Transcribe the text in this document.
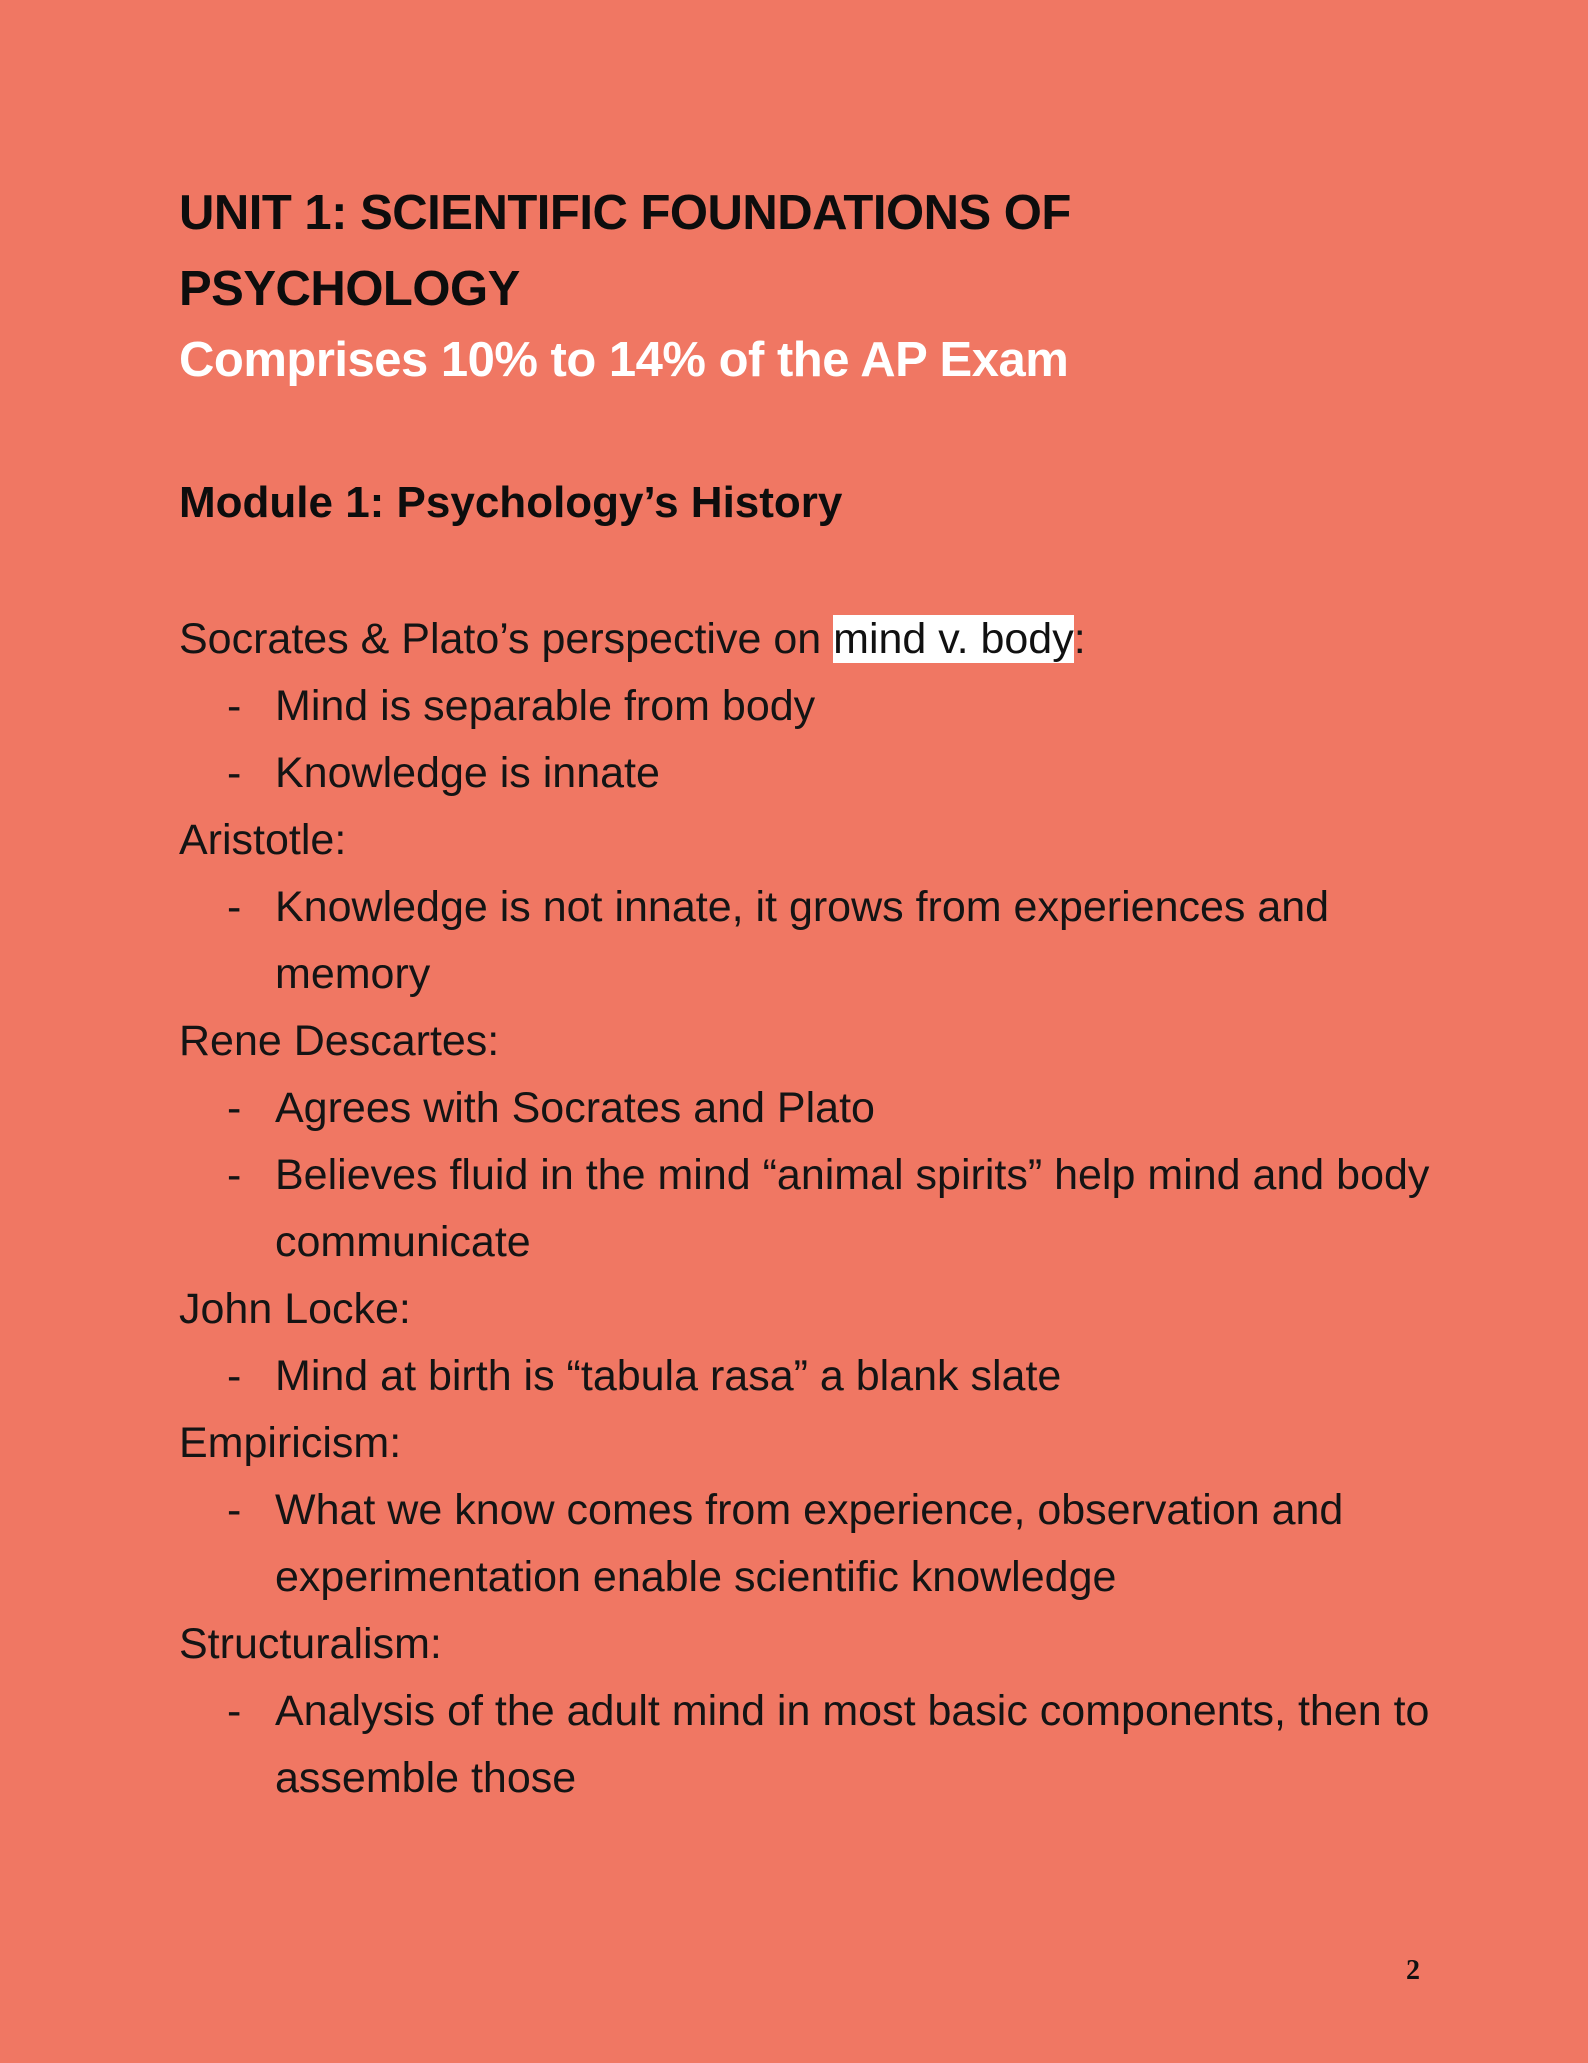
UNIT 1: SCIENTIFIC FOUNDATIONS OF PSYCHOLOGY
Comprises 10% to 14% of the AP Exam
Module 1: Psychology’s History
Socrates & Plato’s perspective on mind v. body:
- Mind is separable from body
- Knowledge is innate
Aristotle:
- Knowledge is not innate, it grows from experiences and memory
Rene Descartes:
- Agrees with Socrates and Plato
- Believes fluid in the mind “animal spirits” help mind and body communicate
John Locke:
- Mind at birth is “tabula rasa” a blank slate
Empiricism:
- What we know comes from experience, observation and experimentation enable scientific knowledge
Structuralism:
- Analysis of the adult mind in most basic components, then to assemble those
2
